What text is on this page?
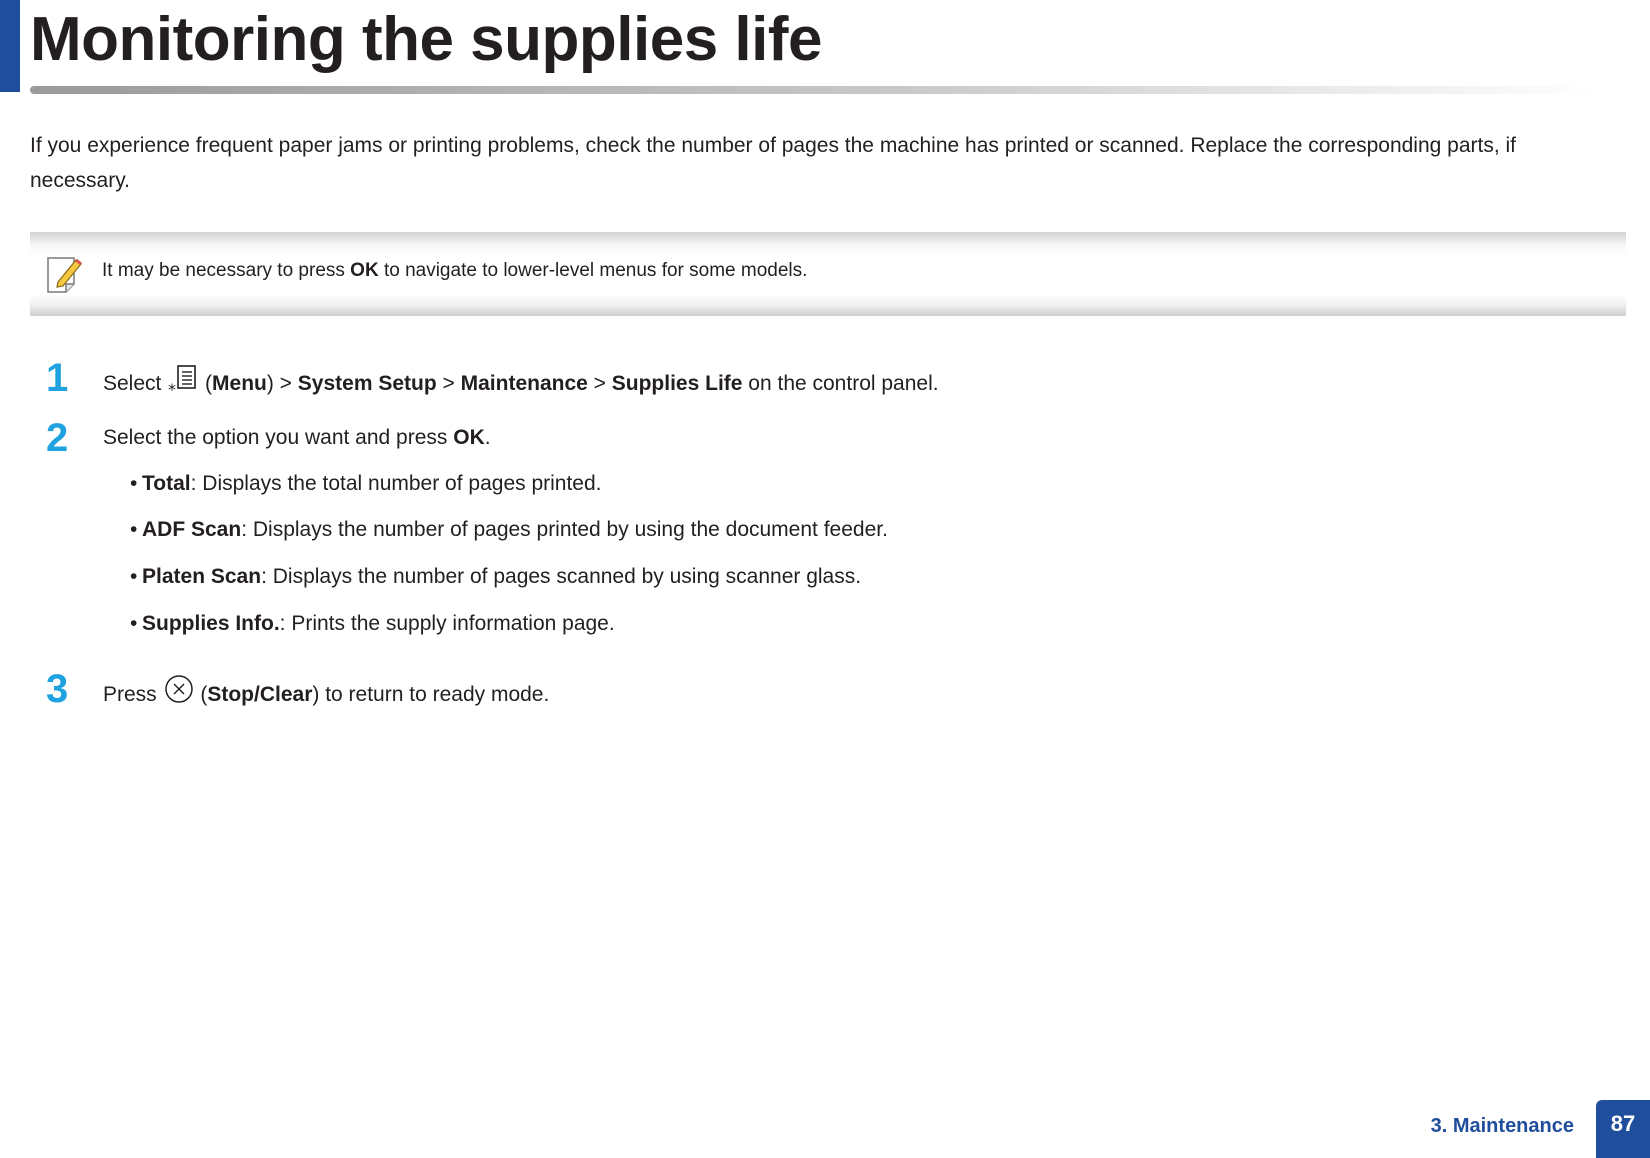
Monitoring the supplies life

If you experience frequent paper jams or printing problems, check the number of pages the machine has printed or scanned. Replace the corresponding parts, if necessary.

It may be necessary to press OK to navigate to lower-level menus for some models.
1	Select * (Menu) > System Setup > Maintenance > Supplies Life on the control panel.
2	Select the option you want and press OK.
• Total: Displays the total number of pages printed.
• ADF Scan: Displays the number of pages printed by using the document feeder.
• Platen Scan: Displays the number of pages scanned by using scanner glass.
• Supplies Info.: Prints the supply information page.
3	Press  (Stop/Clear) to return to ready mode.
3. Maintenance	87
